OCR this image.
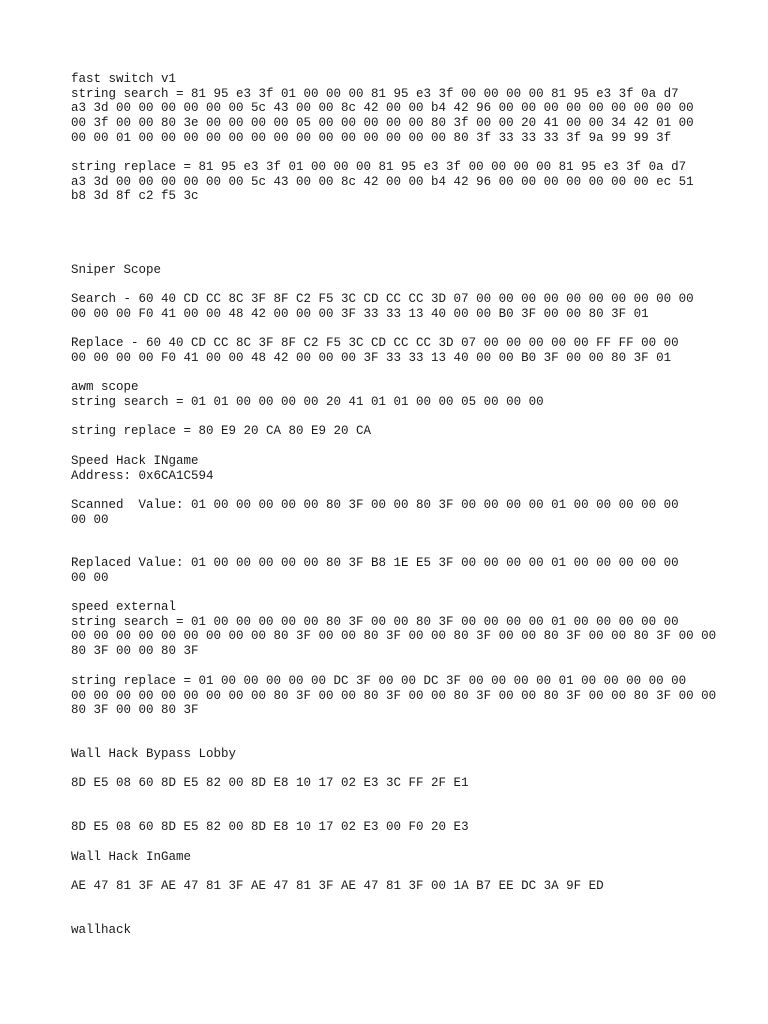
fast switch v1
string search = 81 95 e3 3f 01 00 00 00 81 95 e3 3f 00 00 00 00 81 95 e3 3f 0a d7
a3 3d 00 00 00 00 00 00 5c 43 00 00 8c 42 00 00 b4 42 96 00 00 00 00 00 00 00 00 00
00 3f 00 00 80 3e 00 00 00 00 05 00 00 00 00 00 80 3f 00 00 20 41 00 00 34 42 01 00
00 00 01 00 00 00 00 00 00 00 00 00 00 00 00 00 00 80 3f 33 33 33 3f 9a 99 99 3f
string replace = 81 95 e3 3f 01 00 00 00 81 95 e3 3f 00 00 00 00 81 95 e3 3f 0a d7
a3 3d 00 00 00 00 00 00 5c 43 00 00 8c 42 00 00 b4 42 96 00 00 00 00 00 00 00 ec 51
b8 3d 8f c2 f5 3c
Sniper Scope
Search - 60 40 CD CC 8C 3F 8F C2 F5 3C CD CC CC 3D 07 00 00 00 00 00 00 00 00 00 00
00 00 00 F0 41 00 00 48 42 00 00 00 3F 33 33 13 40 00 00 B0 3F 00 00 80 3F 01
Replace - 60 40 CD CC 8C 3F 8F C2 F5 3C CD CC CC 3D 07 00 00 00 00 00 FF FF 00 00
00 00 00 00 F0 41 00 00 48 42 00 00 00 3F 33 33 13 40 00 00 B0 3F 00 00 80 3F 01
awm scope
string search = 01 01 00 00 00 00 20 41 01 01 00 00 05 00 00 00
string replace = 80 E9 20 CA 80 E9 20 CA
Speed Hack INgame
Address: 0x6CA1C594
Scanned  Value: 01 00 00 00 00 00 80 3F 00 00 80 3F 00 00 00 00 01 00 00 00 00 00
00 00
Replaced Value: 01 00 00 00 00 00 80 3F B8 1E E5 3F 00 00 00 00 01 00 00 00 00 00
00 00
speed external
string search = 01 00 00 00 00 00 80 3F 00 00 80 3F 00 00 00 00 01 00 00 00 00 00
00 00 00 00 00 00 00 00 00 80 3F 00 00 80 3F 00 00 80 3F 00 00 80 3F 00 00 80 3F 00 00
80 3F 00 00 80 3F
string replace = 01 00 00 00 00 00 DC 3F 00 00 DC 3F 00 00 00 00 01 00 00 00 00 00
00 00 00 00 00 00 00 00 00 80 3F 00 00 80 3F 00 00 80 3F 00 00 80 3F 00 00 80 3F 00 00
80 3F 00 00 80 3F
Wall Hack Bypass Lobby
8D E5 08 60 8D E5 82 00 8D E8 10 17 02 E3 3C FF 2F E1
8D E5 08 60 8D E5 82 00 8D E8 10 17 02 E3 00 F0 20 E3
Wall Hack InGame
AE 47 81 3F AE 47 81 3F AE 47 81 3F AE 47 81 3F 00 1A B7 EE DC 3A 9F ED
wallhack
